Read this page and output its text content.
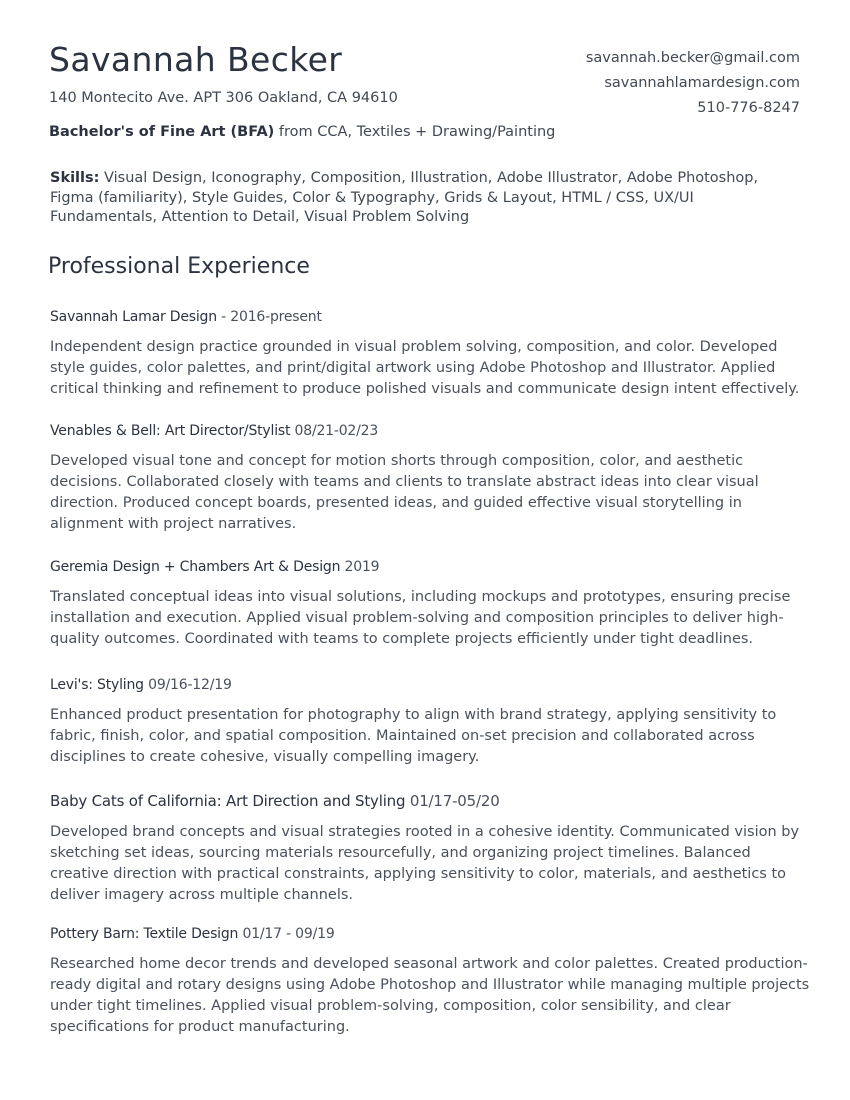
Savannah Becker
140 Montecito Ave. APT 306 Oakland, CA 94610
savannah.becker@gmail.com
savannahlamardesign.com
510-776-8247
Bachelor's of Fine Art (BFA) from CCA, Textiles + Drawing/Painting
Skills: Visual Design, Iconography, Composition, Illustration, Adobe Illustrator, Adobe Photoshop, Figma (familiarity), Style Guides, Color & Typography, Grids & Layout, HTML / CSS, UX/UI Fundamentals, Attention to Detail, Visual Problem Solving
Professional Experience
Savannah Lamar Design - 2016-present
Independent design practice grounded in visual problem solving, composition, and color. Developed style guides, color palettes, and print/digital artwork using Adobe Photoshop and Illustrator. Applied critical thinking and refinement to produce polished visuals and communicate design intent effectively.
Venables & Bell: Art Director/Stylist 08/21-02/23
Developed visual tone and concept for motion shorts through composition, color, and aesthetic decisions. Collaborated closely with teams and clients to translate abstract ideas into clear visual direction. Produced concept boards, presented ideas, and guided effective visual storytelling in alignment with project narratives.
Geremia Design + Chambers Art & Design 2019
Translated conceptual ideas into visual solutions, including mockups and prototypes, ensuring precise installation and execution. Applied visual problem-solving and composition principles to deliver high-quality outcomes. Coordinated with teams to complete projects efficiently under tight deadlines.
Levi's: Styling 09/16-12/19
Enhanced product presentation for photography to align with brand strategy, applying sensitivity to fabric, finish, color, and spatial composition. Maintained on-set precision and collaborated across disciplines to create cohesive, visually compelling imagery.
Baby Cats of California: Art Direction and Styling 01/17-05/20
Developed brand concepts and visual strategies rooted in a cohesive identity. Communicated vision by sketching set ideas, sourcing materials resourcefully, and organizing project timelines. Balanced creative direction with practical constraints, applying sensitivity to color, materials, and aesthetics to deliver imagery across multiple channels.
Pottery Barn: Textile Design 01/17 - 09/19
Researched home decor trends and developed seasonal artwork and color palettes. Created production-ready digital and rotary designs using Adobe Photoshop and Illustrator while managing multiple projects under tight timelines. Applied visual problem-solving, composition, color sensibility, and clear specifications for product manufacturing.
